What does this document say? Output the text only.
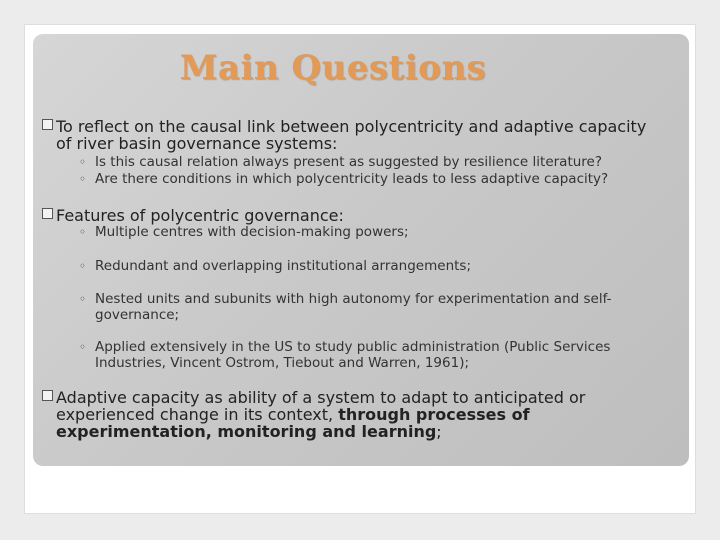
Main Questions
To reflect on the causal link between polycentricity and adaptive capacity of river basin governance systems:
◦ Is this causal relation always present as suggested by resilience literature?
◦ Are there conditions in which polycentricity leads to less adaptive capacity?
Features of polycentric governance:
◦ Multiple centres with decision-making powers;
◦ Redundant and overlapping institutional arrangements;
◦ Nested units and subunits with high autonomy for experimentation and self-governance;
◦ Applied extensively in the US to study public administration (Public Services Industries, Vincent Ostrom, Tiebout and Warren, 1961);
Adaptive capacity as ability of a system to adapt to anticipated or experienced change in its context, through processes of experimentation, monitoring and learning;
